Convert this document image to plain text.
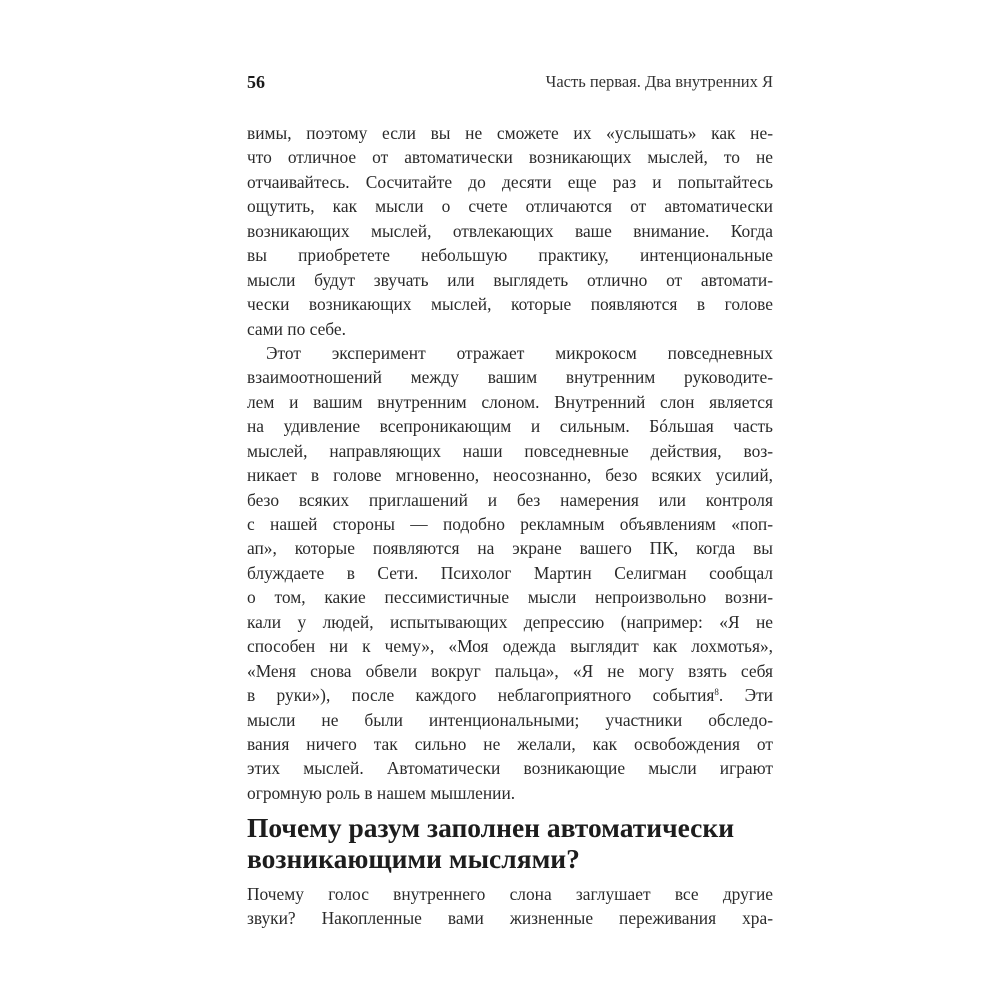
56	Часть первая. Два внутренних Я
вимы, поэтому если вы не сможете их «услышать» как не-
что отличное от автоматически возникающих мыслей, то не
отчаивайтесь. Сосчитайте до десяти еще раз и попытайтесь
ощутить, как мысли о счете отличаются от автоматически
возникающих мыслей, отвлекающих ваше внимание. Когда
вы приобретете небольшую практику, интенциональные
мысли будут звучать или выглядеть отлично от автомати-
чески возникающих мыслей, которые появляются в голове
сами по себе.
Этот эксперимент отражает микрокосм повседневных
взаимоотношений между вашим внутренним руководите-
лем и вашим внутренним слоном. Внутренний слон является
на удивление всепроникающим и сильным. Бóльшая часть
мыслей, направляющих наши повседневные действия, воз-
никает в голове мгновенно, неосознанно, безо всяких усилий,
безо всяких приглашений и без намерения или контроля
с нашей стороны — подобно рекламным объявлениям «поп-
ап», которые появляются на экране вашего ПК, когда вы
блуждаете в Сети. Психолог Мартин Селигман сообщал
о том, какие пессимистичные мысли непроизвольно возни-
кали у людей, испытывающих депрессию (например: «Я не
способен ни к чему», «Моя одежда выглядит как лохмотья»,
«Меня снова обвели вокруг пальца», «Я не могу взять себя
в руки»), после каждого неблагоприятного события$^8$. Эти
мысли не были интенциональными; участники обследо-
вания ничего так сильно не желали, как освобождения от
этих мыслей. Автоматически возникающие мысли играют
огромную роль в нашем мышлении.
Почему разум заполнен автоматически
возникающими мыслями?
Почему голос внутреннего слона заглушает все другие
звуки? Накопленные вами жизненные переживания хра-
